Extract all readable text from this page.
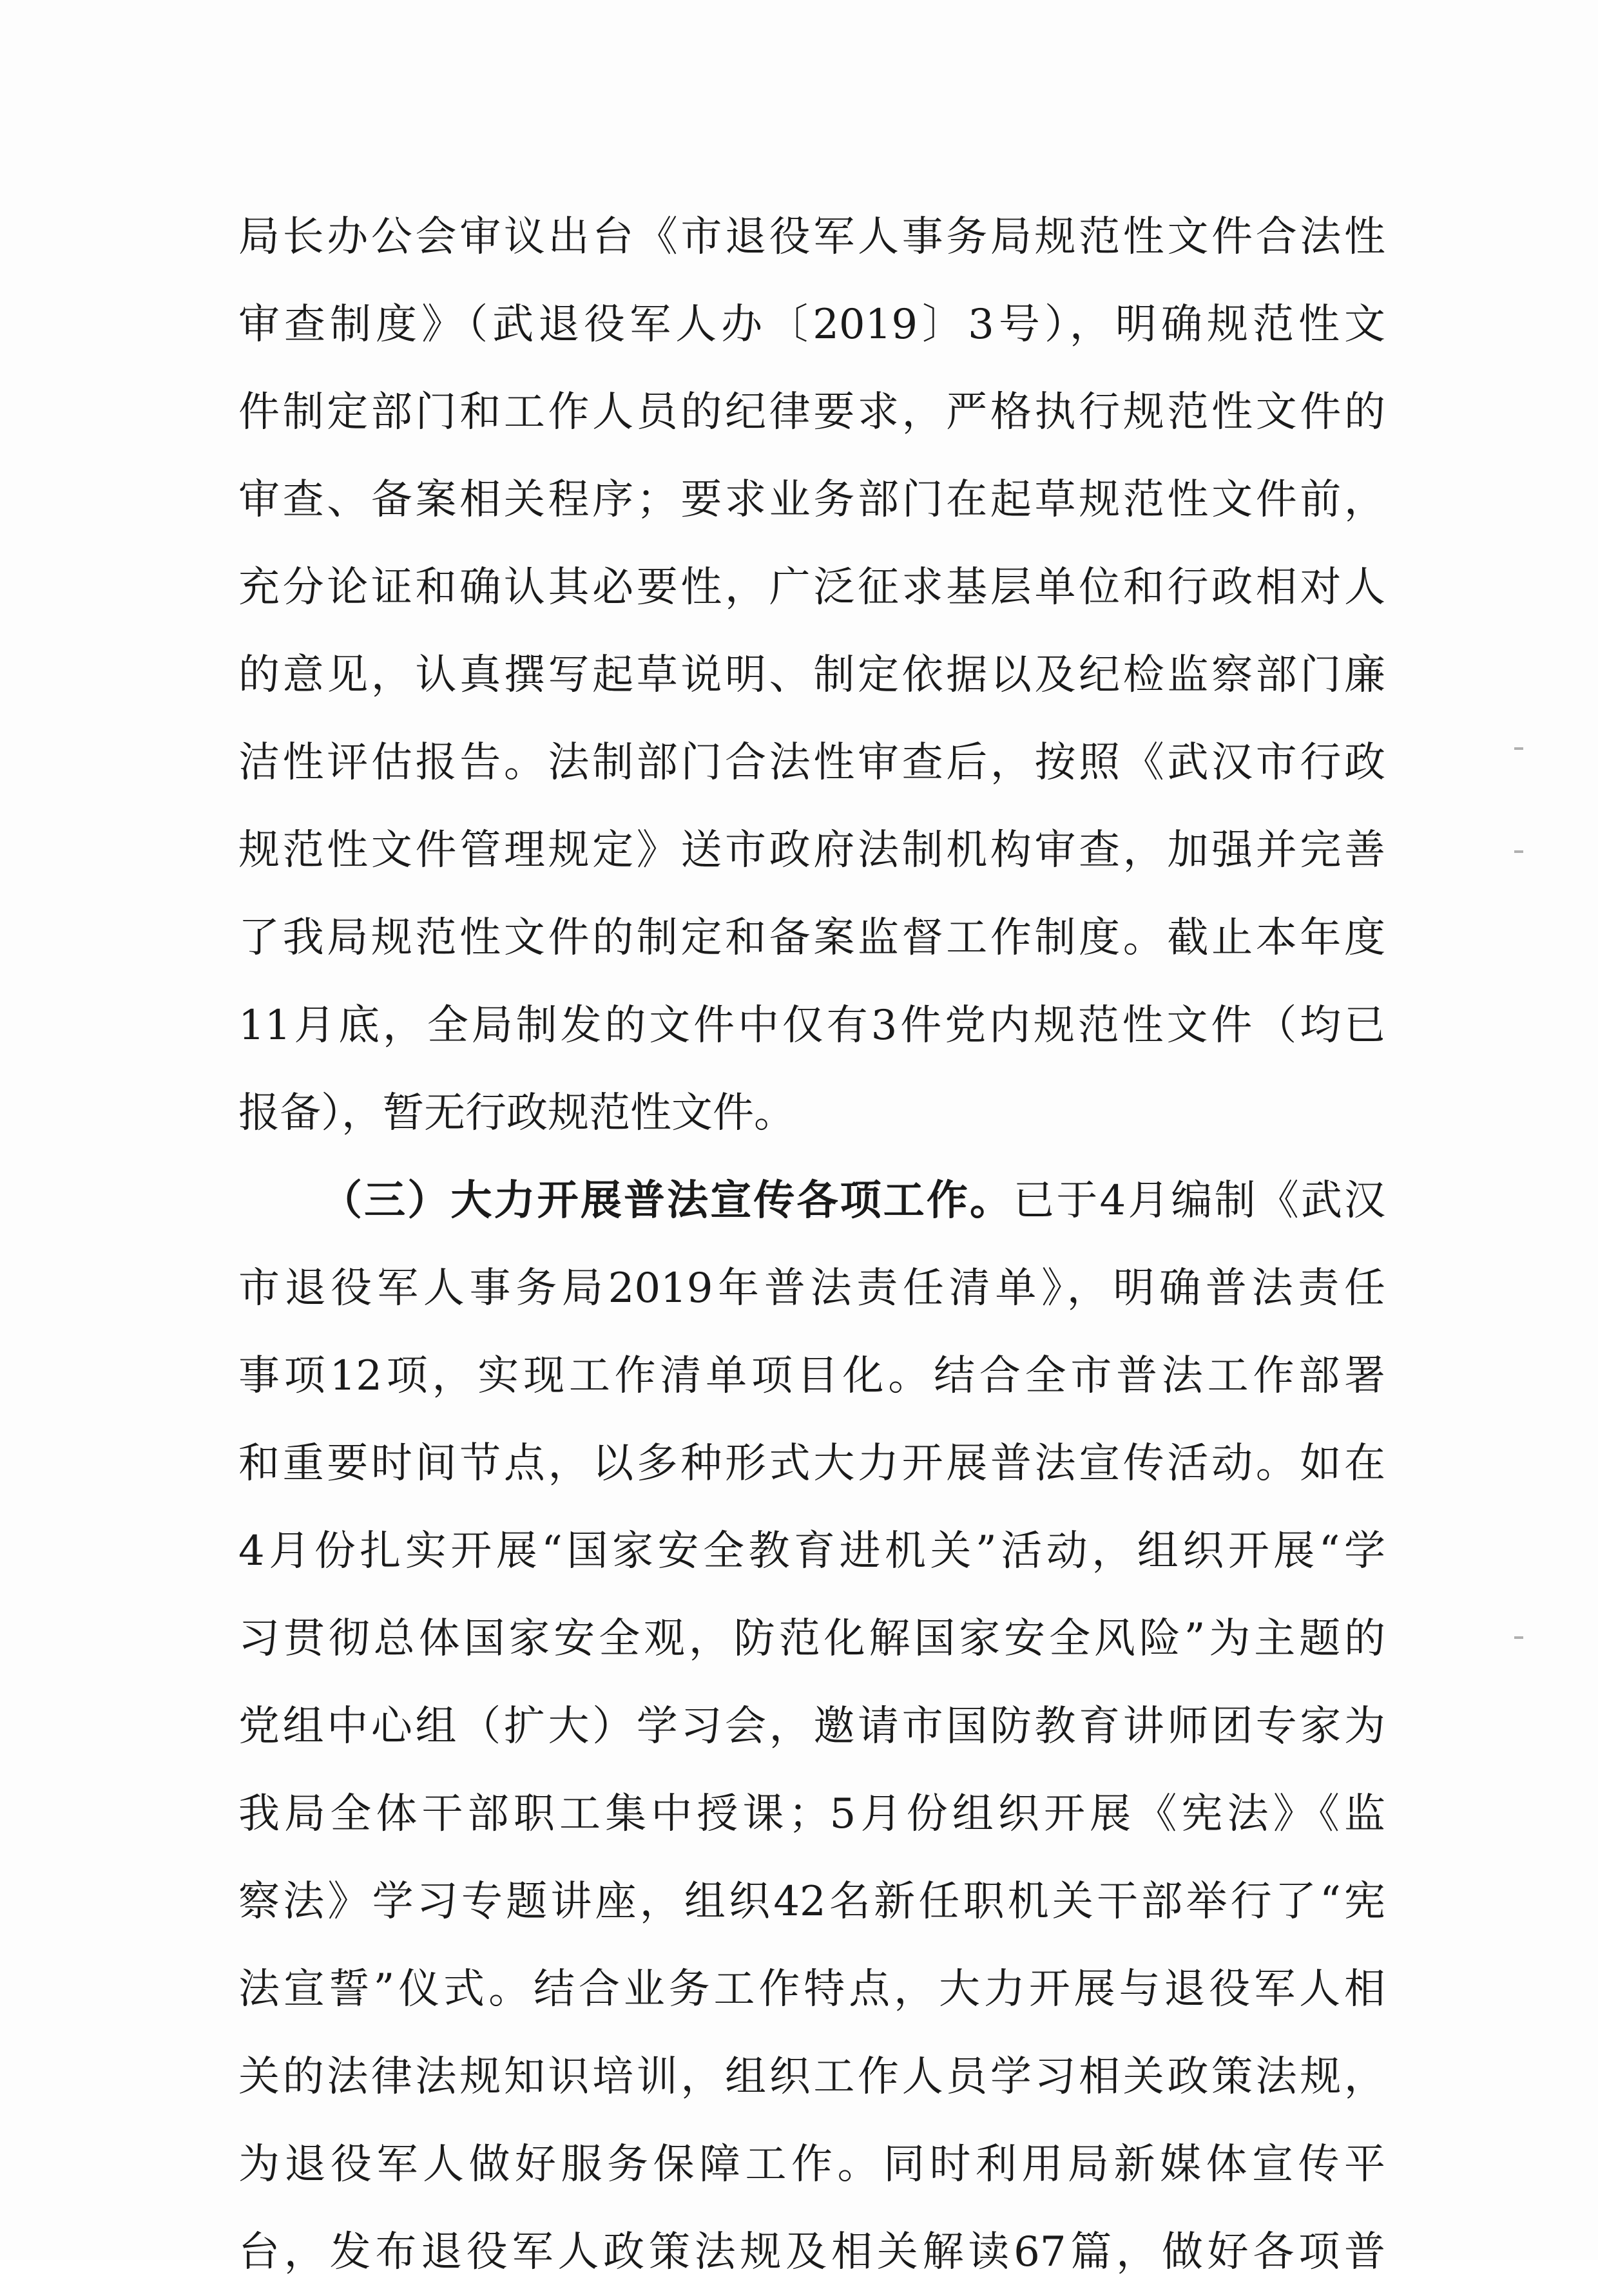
局长办公会审议出台《市退役军人事务局规范性文件合法性
审查制度》（武退役军人办〔2019〕3号），明确规范性文
件制定部门和工作人员的纪律要求，严格执行规范性文件的
审查、备案相关程序；要求业务部门在起草规范性文件前，
充分论证和确认其必要性，广泛征求基层单位和行政相对人
的意见，认真撰写起草说明、制定依据以及纪检监察部门廉
洁性评估报告。法制部门合法性审查后，按照《武汉市行政
规范性文件管理规定》送市政府法制机构审查，加强并完善
了我局规范性文件的制定和备案监督工作制度。截止本年度
11月底，全局制发的文件中仅有3件党内规范性文件（均已
报备），暂无行政规范性文件。
（三）大力开展普法宣传各项工作。已于4月编制《武汉
市退役军人事务局2019年普法责任清单》，明确普法责任
事项12项，实现工作清单项目化。结合全市普法工作部署
和重要时间节点，以多种形式大力开展普法宣传活动。如在
4月份扎实开展“国家安全教育进机关”活动，组织开展“学
习贯彻总体国家安全观，防范化解国家安全风险”为主题的
党组中心组（扩大）学习会，邀请市国防教育讲师团专家为
我局全体干部职工集中授课；5月份组织开展《宪法》《监
察法》学习专题讲座，组织42名新任职机关干部举行了“宪
法宣誓”仪式。结合业务工作特点，大力开展与退役军人相
关的法律法规知识培训，组织工作人员学习相关政策法规，
为退役军人做好服务保障工作。同时利用局新媒体宣传平
台，发布退役军人政策法规及相关解读67篇，做好各项普
